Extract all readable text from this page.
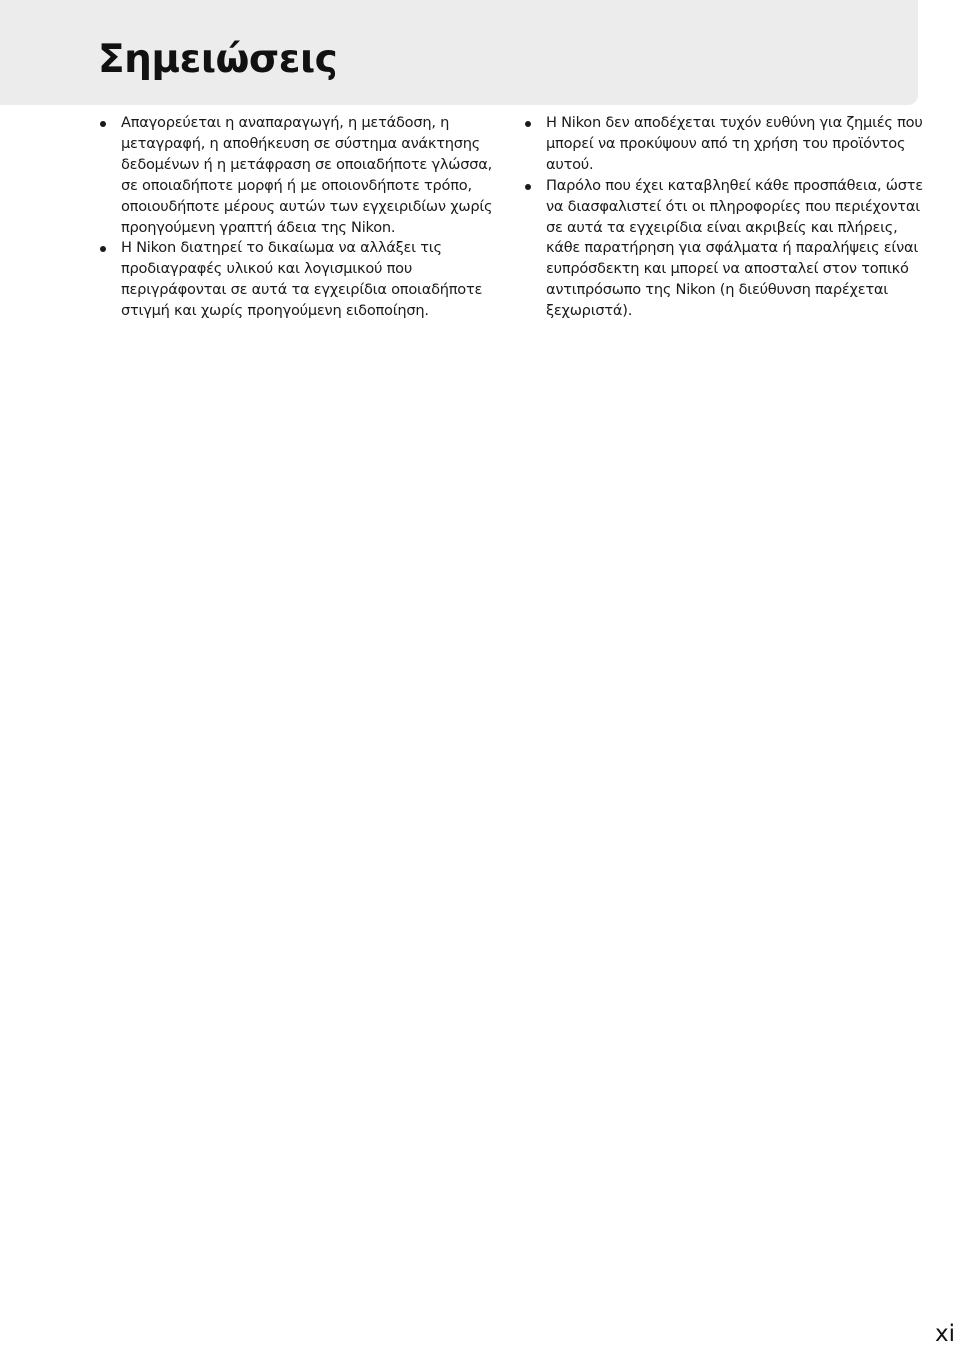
Σημειώσεις
Απαγορεύεται η αναπαραγωγή, η μετάδοση, η μεταγραφή, η αποθήκευση σε σύστημα ανάκτησης δεδομένων ή η μετάφραση σε οποιαδήποτε γλώσσα, σε οποιαδήποτε μορφή ή με οποιονδήποτε τρόπο, οποιουδήποτε μέρους αυτών των εγχειριδίων χωρίς προηγούμενη γραπτή άδεια της Nikon.
Η Nikon διατηρεί το δικαίωμα να αλλάξει τις προδιαγραφές υλικού και λογισμικού που περιγράφονται σε αυτά τα εγχειρίδια οποιαδήποτε στιγμή και χωρίς προηγούμενη ειδοποίηση.
Η Nikon δεν αποδέχεται τυχόν ευθύνη για ζημιές που μπορεί να προκύψουν από τη χρήση του προϊόντος αυτού.
Παρόλο που έχει καταβληθεί κάθε προσπάθεια, ώστε να διασφαλιστεί ότι οι πληροφορίες που περιέχονται σε αυτά τα εγχειρίδια είναι ακριβείς και πλήρεις, κάθε παρατήρηση για σφάλματα ή παραλήψεις είναι ευπρόσδεκτη και μπορεί να αποσταλεί στον τοπικό αντιπρόσωπο της Nikon (η διεύθυνση παρέχεται ξεχωριστά).
xi
